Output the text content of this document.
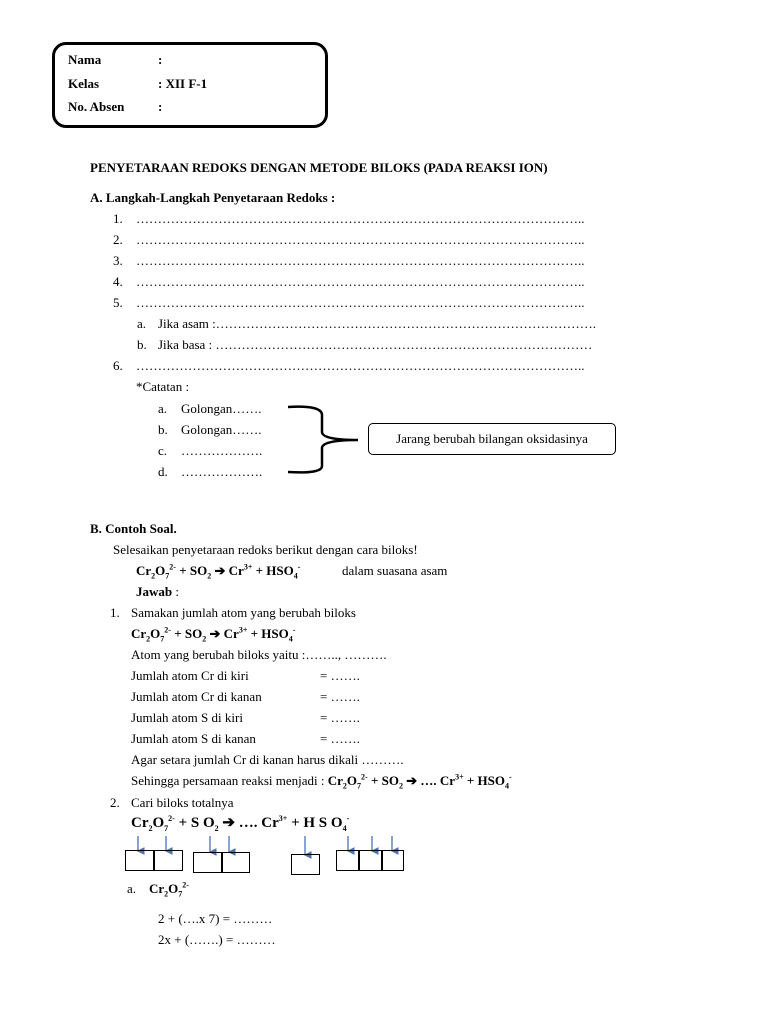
Nama	:
Kelas	: XII F-1
No. Absen	:
PENYETARAAN REDOKS DENGAN METODE BILOKS (PADA REAKSI ION)
A. Langkah-Langkah Penyetaraan Redoks :
1. …………………………………………………………………………………………..
2. …………………………………………………………………………………………..
3. …………………………………………………………………………………………..
4. …………………………………………………………………………………………..
5. …………………………………………………………………………………………..
a. Jika asam :…………………………………………………………………………….
b. Jika basa : ……………………………………………………………………………
6. …………………………………………………………………………………………..
*Catatan :
a. Golongan…….
b. Golongan…….
c. ……………….
d. ……………….
Jarang berubah bilangan oksidasinya
B. Contoh Soal.
Selesaikan penyetaraan redoks berikut dengan cara biloks!
$Cr_2O_7^{2-} + SO_2$ ➔ $Cr^{3+} + HSO_4^-$	dalam suasana asam
Jawab :
1. Samakan jumlah atom yang berubah biloks
$Cr_2O_7^{2-} + SO_2$ ➔ $Cr^{3+} + HSO_4^-$
Atom yang berubah biloks yaitu :…….., ……….
Jumlah atom Cr di kiri	= …….
Jumlah atom Cr di kanan	= …….
Jumlah atom S di kiri	= …….
Jumlah atom S di kanan	= …….
Agar setara jumlah Cr di kanan harus dikali ……….
Sehingga persamaan reaksi menjadi : $Cr_2O_7^{2-} + SO_2$ ➔ …. $Cr^{3+} + HSO_4^-$
2. Cari biloks totalnya
$Cr_2O_7^{2-} + S$ $O_2$ ➔ …. $Cr^{3+} + H$ S $O_4^-$
a. $Cr_2O_7^{2-}$
2 + (….x 7) = ………
2x + (…….) = ………
